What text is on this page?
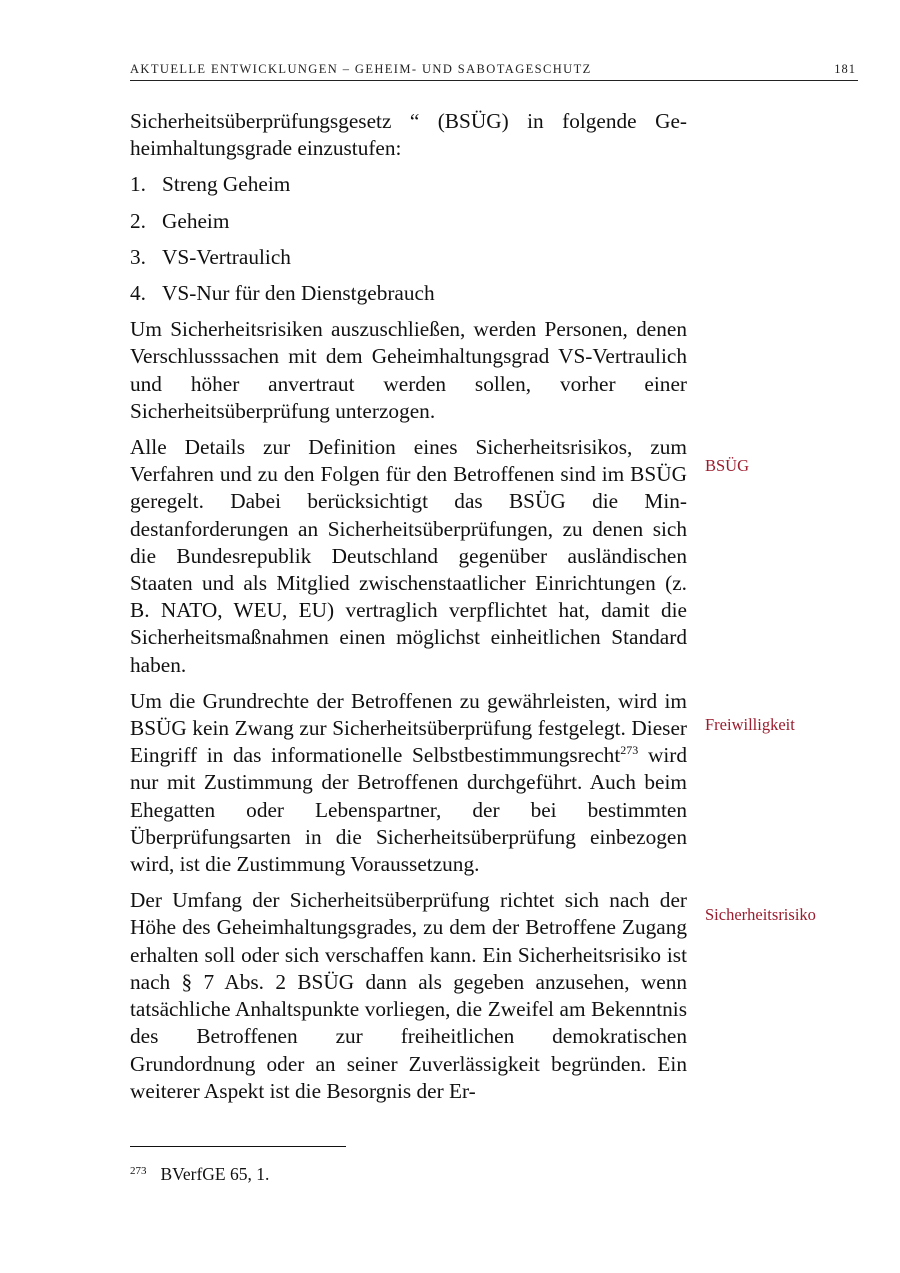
AKTUELLE ENTWICKLUNGEN – GEHEIM- UND SABOTAGESCHUTZ	181

Sicherheitsüberprüfungsgesetz “ (BSÜG) in folgende Geheimhaltungsgrade einzustufen:

1. Streng Geheim
2. Geheim
3. VS-Vertraulich
4. VS-Nur für den Dienstgebrauch

Um Sicherheitsrisiken auszuschließen, werden Personen, denen Verschlusssachen mit dem Geheimhaltungsgrad VS-Vertraulich und höher anvertraut werden sollen, vorher einer Sicherheitsüberprüfung unterzogen.

Alle Details zur Definition eines Sicherheitsrisikos, zum Verfahren und zu den Folgen für den Betroffenen sind im BSÜG geregelt. Dabei berücksichtigt das BSÜG die Mindestanforderungen an Sicherheitsüberprüfungen, zu denen sich die Bundesrepublik Deutschland gegenüber ausländischen Staaten und als Mitglied zwischenstaatlicher Einrichtungen (z. B. NATO, WEU, EU) vertraglich verpflichtet hat, damit die Sicherheitsmaßnahmen einen möglichst einheitlichen Standard haben.

Um die Grundrechte der Betroffenen zu gewährleisten, wird im BSÜG kein Zwang zur Sicherheitsüberprüfung festgelegt. Dieser Eingriff in das informationelle Selbstbestimmungsrecht$^{273}$ wird nur mit Zustimmung der Betroffenen durchgeführt. Auch beim Ehegatten oder Lebenspartner, der bei bestimmten Überprüfungsarten in die Sicherheitsüberprüfung einbezogen wird, ist die Zustimmung Voraussetzung.

Der Umfang der Sicherheitsüberprüfung richtet sich nach der Höhe des Geheimhaltungsgrades, zu dem der Betroffene Zugang erhalten soll oder sich verschaffen kann. Ein Sicherheitsrisiko ist nach § 7 Abs. 2 BSÜG dann als gegeben anzusehen, wenn tatsächliche Anhaltspunkte vorliegen, die Zweifel am Bekenntnis des Betroffenen zur freiheitlichen demokratischen Grundordnung oder an seiner Zuverlässigkeit begründen. Ein weiterer Aspekt ist die Besorgnis der Er-

BSÜG
Freiwilligkeit
Sicherheitsrisiko
$^{273}$ BVerfGE 65, 1.
